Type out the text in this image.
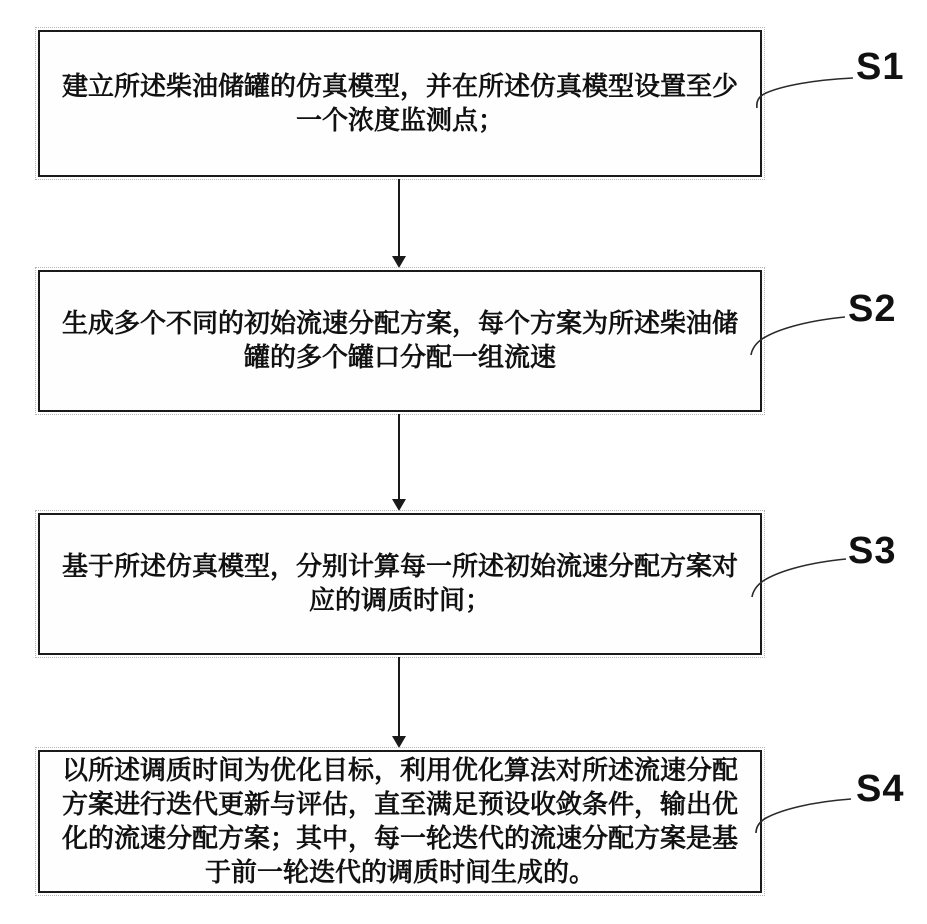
建立所述柴油储罐的仿真模型，并在所述仿真模型设置至少一个浓度监测点；
生成多个不同的初始流速分配方案，每个方案为所述柴油储罐的多个罐口分配一组流速
基于所述仿真模型，分别计算每一所述初始流速分配方案对应的调质时间；
以所述调质时间为优化目标，利用优化算法对所述流速分配方案进行迭代更新与评估，直至满足预设收敛条件，输出优化的流速分配方案；其中，每一轮迭代的流速分配方案是基于前一轮迭代的调质时间生成的。
S1
S2
S3
S4
